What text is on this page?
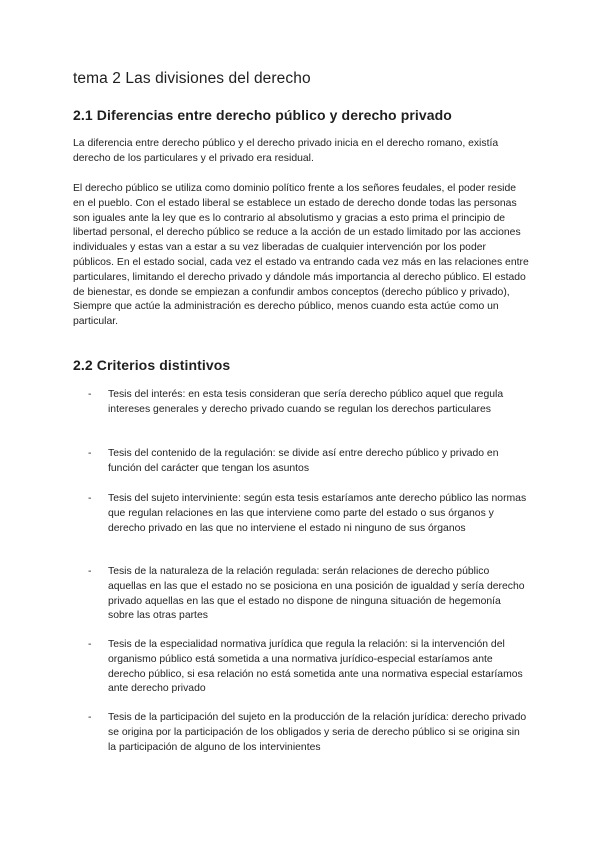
tema 2 Las divisiones del derecho
2.1 Diferencias entre derecho público y derecho privado

La diferencia entre derecho público y el derecho privado inicia en el derecho romano, existía derecho de los particulares y el privado era residual.

El derecho público se utiliza como dominio político frente a los señores feudales, el poder reside en el pueblo. Con el estado liberal se establece un estado de derecho donde todas las personas son iguales ante la ley que es lo contrario al absolutismo y gracias a esto prima el principio de libertad personal, el derecho público se reduce a la acción de un estado limitado por las acciones individuales y estas van a estar a su vez liberadas de cualquier intervención por los poder públicos. En el estado social, cada vez el estado va entrando cada vez más en las relaciones entre particulares, limitando el derecho privado y dándole más importancia al derecho público. El estado de bienestar, es donde se empiezan a confundir ambos conceptos (derecho público y privado), Siempre que actúe la administración es derecho público, menos cuando esta actúe como un particular.

2.2 Criterios distintivos
- Tesis del interés: en esta tesis consideran que sería derecho público aquel que regula intereses generales y derecho privado cuando se regulan los derechos particulares
- Tesis del contenido de la regulación: se divide así entre derecho público y privado en función del carácter que tengan los asuntos
- Tesis del sujeto interviniente: según esta tesis estaríamos ante derecho público las normas que regulan relaciones en las que interviene como parte del estado o sus órganos y derecho privado en las que no interviene el estado ni ninguno de sus órganos
- Tesis de la naturaleza de la relación regulada: serán relaciones de derecho público aquellas en las que el estado no se posiciona en una posición de igualdad y sería derecho privado aquellas en las que el estado no dispone de ninguna situación de hegemonía sobre las otras partes
- Tesis de la especialidad normativa jurídica que regula la relación: si la intervención del organismo público está sometida a una normativa jurídico-especial estaríamos ante derecho público, si esa relación no está sometida ante una normativa especial estaríamos ante derecho privado
- Tesis de la participación del sujeto en la producción de la relación jurídica: derecho privado se origina por la participación de los obligados y seria de derecho público si se origina sin la participación de alguno de los intervinientes
